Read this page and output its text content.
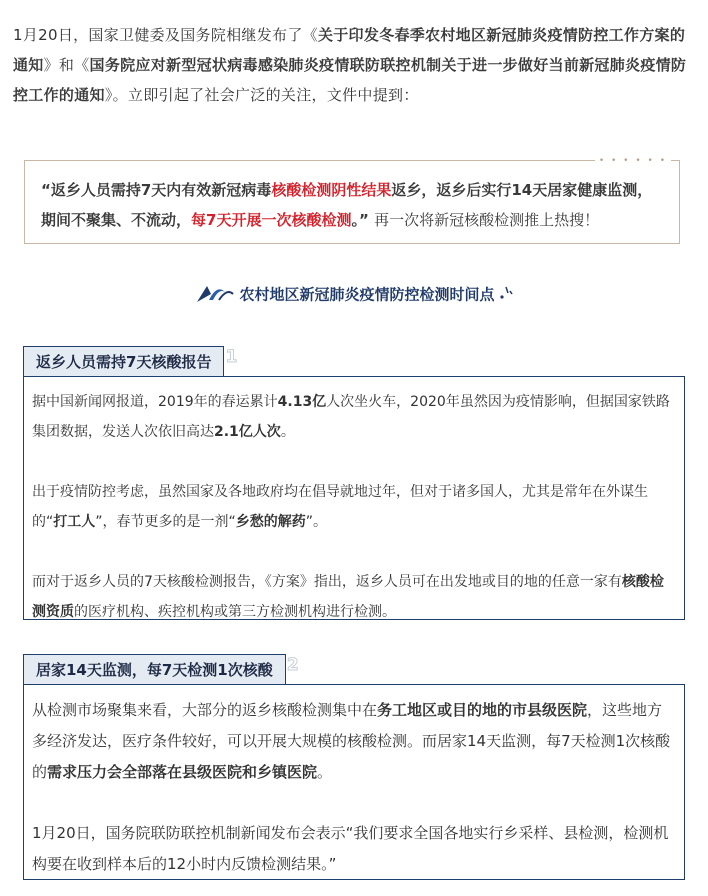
1月20日，国家卫健委及国务院相继发布了《关于印发冬春季农村地区新冠肺炎疫情防控工作方案的通知》和《国务院应对新型冠状病毒感染肺炎疫情联防联控机制关于进一步做好当前新冠肺炎疫情防控工作的通知》。立即引起了社会广泛的关注，文件中提到：
• • • • • •
“返乡人员需持7天内有效新冠病毒核酸检测阴性结果返乡，返乡后实行14天居家健康监测，期间不聚集、不流动，每7天开展一次核酸检测。” 再一次将新冠核酸检测推上热搜！
农村地区新冠肺炎疫情防控检测时间点
返乡人员需持7天核酸报告 1

据中国新闻网报道，2019年的春运累计4.13亿人次坐火车，2020年虽然因为疫情影响，但据国家铁路集团数据，发送人次依旧高达2.1亿人次。

出于疫情防控考虑，虽然国家及各地政府均在倡导就地过年，但对于诸多国人，尤其是常年在外谋生的“打工人”，春节更多的是一剂“乡愁的解药”。

而对于返乡人员的7天核酸检测报告，《方案》指出，返乡人员可在出发地或目的地的任意一家有核酸检测资质的医疗机构、疾控机构或第三方检测机构进行检测。

居家14天监测，每7天检测1次核酸 2

从检测市场聚集来看，大部分的返乡核酸检测集中在务工地区或目的地的市县级医院，这些地方多经济发达，医疗条件较好，可以开展大规模的核酸检测。而居家14天监测，每7天检测1次核酸的需求压力会全部落在县级医院和乡镇医院。

1月20日，国务院联防联控机制新闻发布会表示“我们要求全国各地实行乡采样、县检测，检测机构要在收到样本后的12小时内反馈检测结果。”
